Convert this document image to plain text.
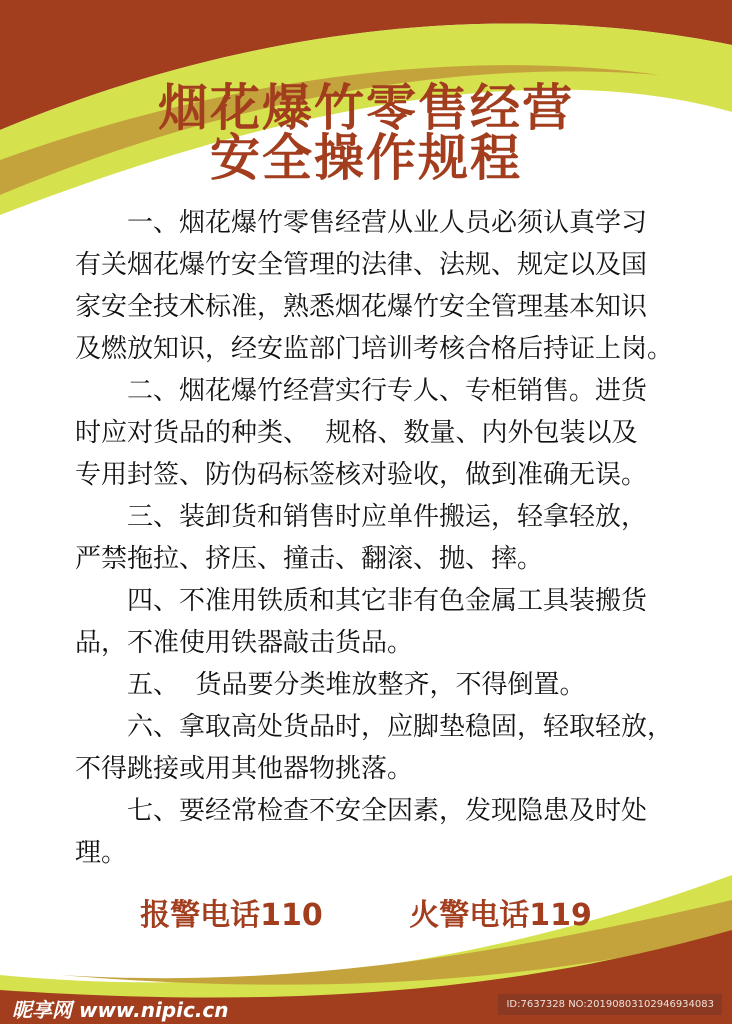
烟花爆竹零售经营
安全操作规程
一、烟花爆竹零售经营从业人员必须认真学习
有关烟花爆竹安全管理的法律、法规、规定以及国
家安全技术标准，熟悉烟花爆竹安全管理基本知识
及燃放知识，经安监部门培训考核合格后持证上岗。
二、烟花爆竹经营实行专人、专柜销售。进货
时应对货品的种类、  规格、数量、内外包装以及
专用封签、防伪码标签核对验收，做到准确无误。
三、装卸货和销售时应单件搬运，轻拿轻放，
严禁拖拉、挤压、撞击、翻滚、抛、摔。
四、不准用铁质和其它非有色金属工具装搬货
品，不准使用铁器敲击货品。
五、  货品要分类堆放整齐，不得倒置。
六、拿取高处货品时，应脚垫稳固，轻取轻放，
不得跳接或用其他器物挑落。
七、要经常检查不安全因素，发现隐患及时处
理。
报警电话110	火警电话119
昵享网 www.nipic.cn	ID:7637328 NO:20190803102946934083
